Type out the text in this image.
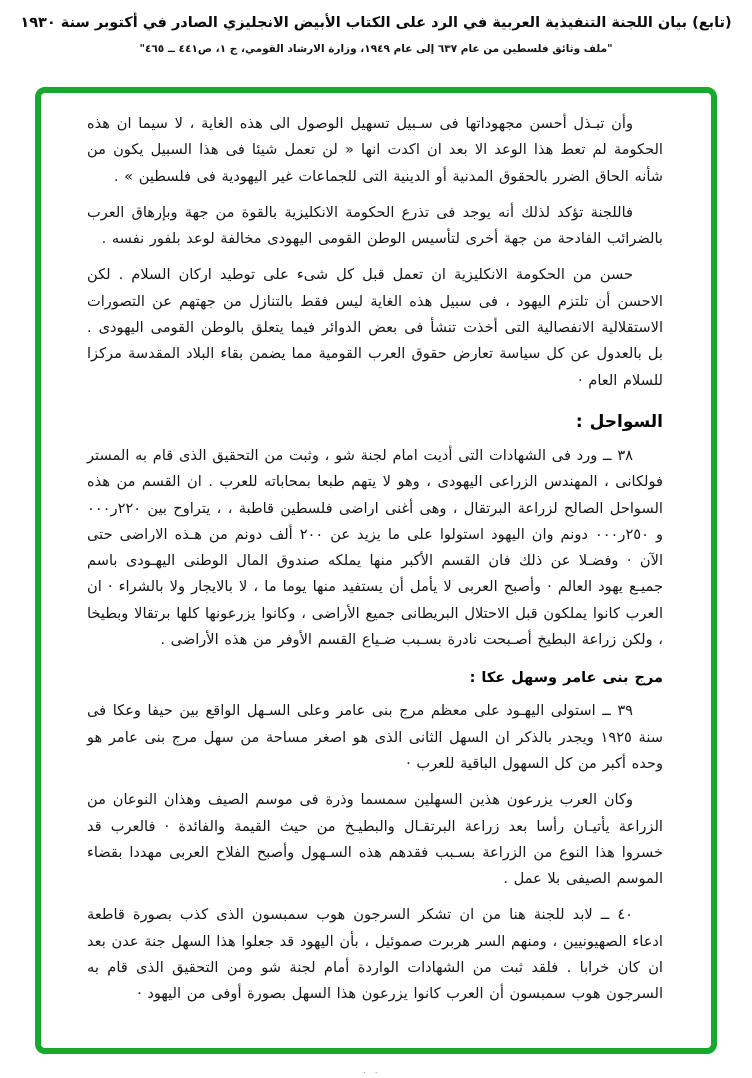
(تابع) بيان اللجنة التنفيذية العربية في الرد على الكتاب الأبيض الانجليزي الصادر في أكتوبر سنة ١٩٣٠
"ملف وثائق فلسطين من عام ٦٣٧ إلى عام ١٩٤٩، وزارة الارشاد القومي، ج ١، ص٤٤١ ــ ٤٦٥"

وأن تبـذل أحسن مجهوداتها فى سـبيل تسهيل الوصول الى هذه الغاية ، لا سيما ان هذه الحكومة لم تعط هذا الوعد الا بعد ان اكدت انها « لن تعمل شيئا فى هذا السبيل يكون من شأنه الحاق الضرر بالحقوق المدنية أو الدينية التى للجماعات غير اليهودية فى فلسطين » .

فاللجنة تؤكد لذلك أنه يوجد فى تذرع الحكومة الانكليزية بالقوة من جهة وبإرهاق العرب بالضرائب الفادحة من جهة أخرى لتأسيس الوطن القومى اليهودى مخالفة لوعد بلفور نفسه .

حسن من الحكومة الانكليزية ان تعمل قبل كل شىء على توطيد اركان السلام . لكن الاحسن أن تلتزم اليهود ، فى سبيل هذه الغاية ليس فقط بالتنازل من جهتهم عن التصورات الاستقلالية الانفصالية التى أخذت تنشأ فى بعض الدوائر فيما يتعلق بالوطن القومى اليهودى . بل بالعدول عن كل سياسة تعارض حقوق العرب القومية مما يضمن بقاء البلاد المقدسة مركزا للسلام العام ·

السواحل :

٣٨ ــ ورد فى الشهادات التى أديت امام لجنة شو ، وثبت من التحقيق الذى قام به المستر فولكانى ، المهندس الزراعى اليهودى ، وهو لا يتهم طبعا بمحاباته للعرب . ان القسم من هذه السواحل الصالح لزراعة البرتقال ، وهى أغنى اراضى فلسطين قاطبة ، ، يتراوح بين ٢٢٠ر٠٠٠ و ٢٥٠ر٠٠٠ دونم وان اليهود استولوا على ما يزيد عن ٢٠٠ ألف دونم من هـذه الاراضى حتى الآن · وفضـلا عن ذلك فان القسم الأكبر منها يملكه صندوق المال الوطنى اليهـودى باسم جميـع يهود العالم · وأصبح العربى لا يأمل أن يستفيد منها يوما ما ، لا بالايجار ولا بالشراء · ان العرب كانوا يملكون قبل الاحتلال البريطانى جميع الأراضى ، وكانوا يزرعونها كلها برتقالا وبطيخا ، ولكن زراعة البطيخ أصـبحت نادرة بسـبب ضـياع القسم الأوفر من هذه الأراضى .

مرج بنى عامر وسهل عكا :

٣٩ ــ استولى اليهـود على معظم مرج بنى عامر وعلى السـهل الواقع بين حيفا وعكا فى سنة ١٩٢٥ ويجدر بالذكر ان السهل الثانى الذى هو اصغر مساحة من سهل مرج بنى عامر هو وحده أكبر من كل السهول الباقية للعرب ·

وكان العرب يزرعون هذين السهلين سمسما وذرة فى موسم الصيف وهذان النوعان من الزراعة يأتيـان رأسا بعد زراعة البرتقـال والبطيـخ من حيث القيمة والفائدة · فالعرب قد خسروا هذا النوع من الزراعة بسـبب فقدهم هذه السـهول وأصبح الفلاح العربى مهددا بقضاء الموسم الصيفى بلا عمل .

٤٠ ــ لابد للجنة هنا من ان تشكر السرجون هوب سمبسون الذى كذب بصورة قاطعة ادعاء الصهيونيين ، ومنهم السر هربرت صموئيل ، بأن اليهود قد جعلوا هذا السهل جنة عدن بعد ان كان خرابا . فلقد ثبت من الشهادات الواردة أمام لجنة شو ومن التحقيق الذى قام به السرجون هوب سمبسون أن العرب كانوا يزرعون هذا السهل بصورة أوفى من اليهود ·

. .
